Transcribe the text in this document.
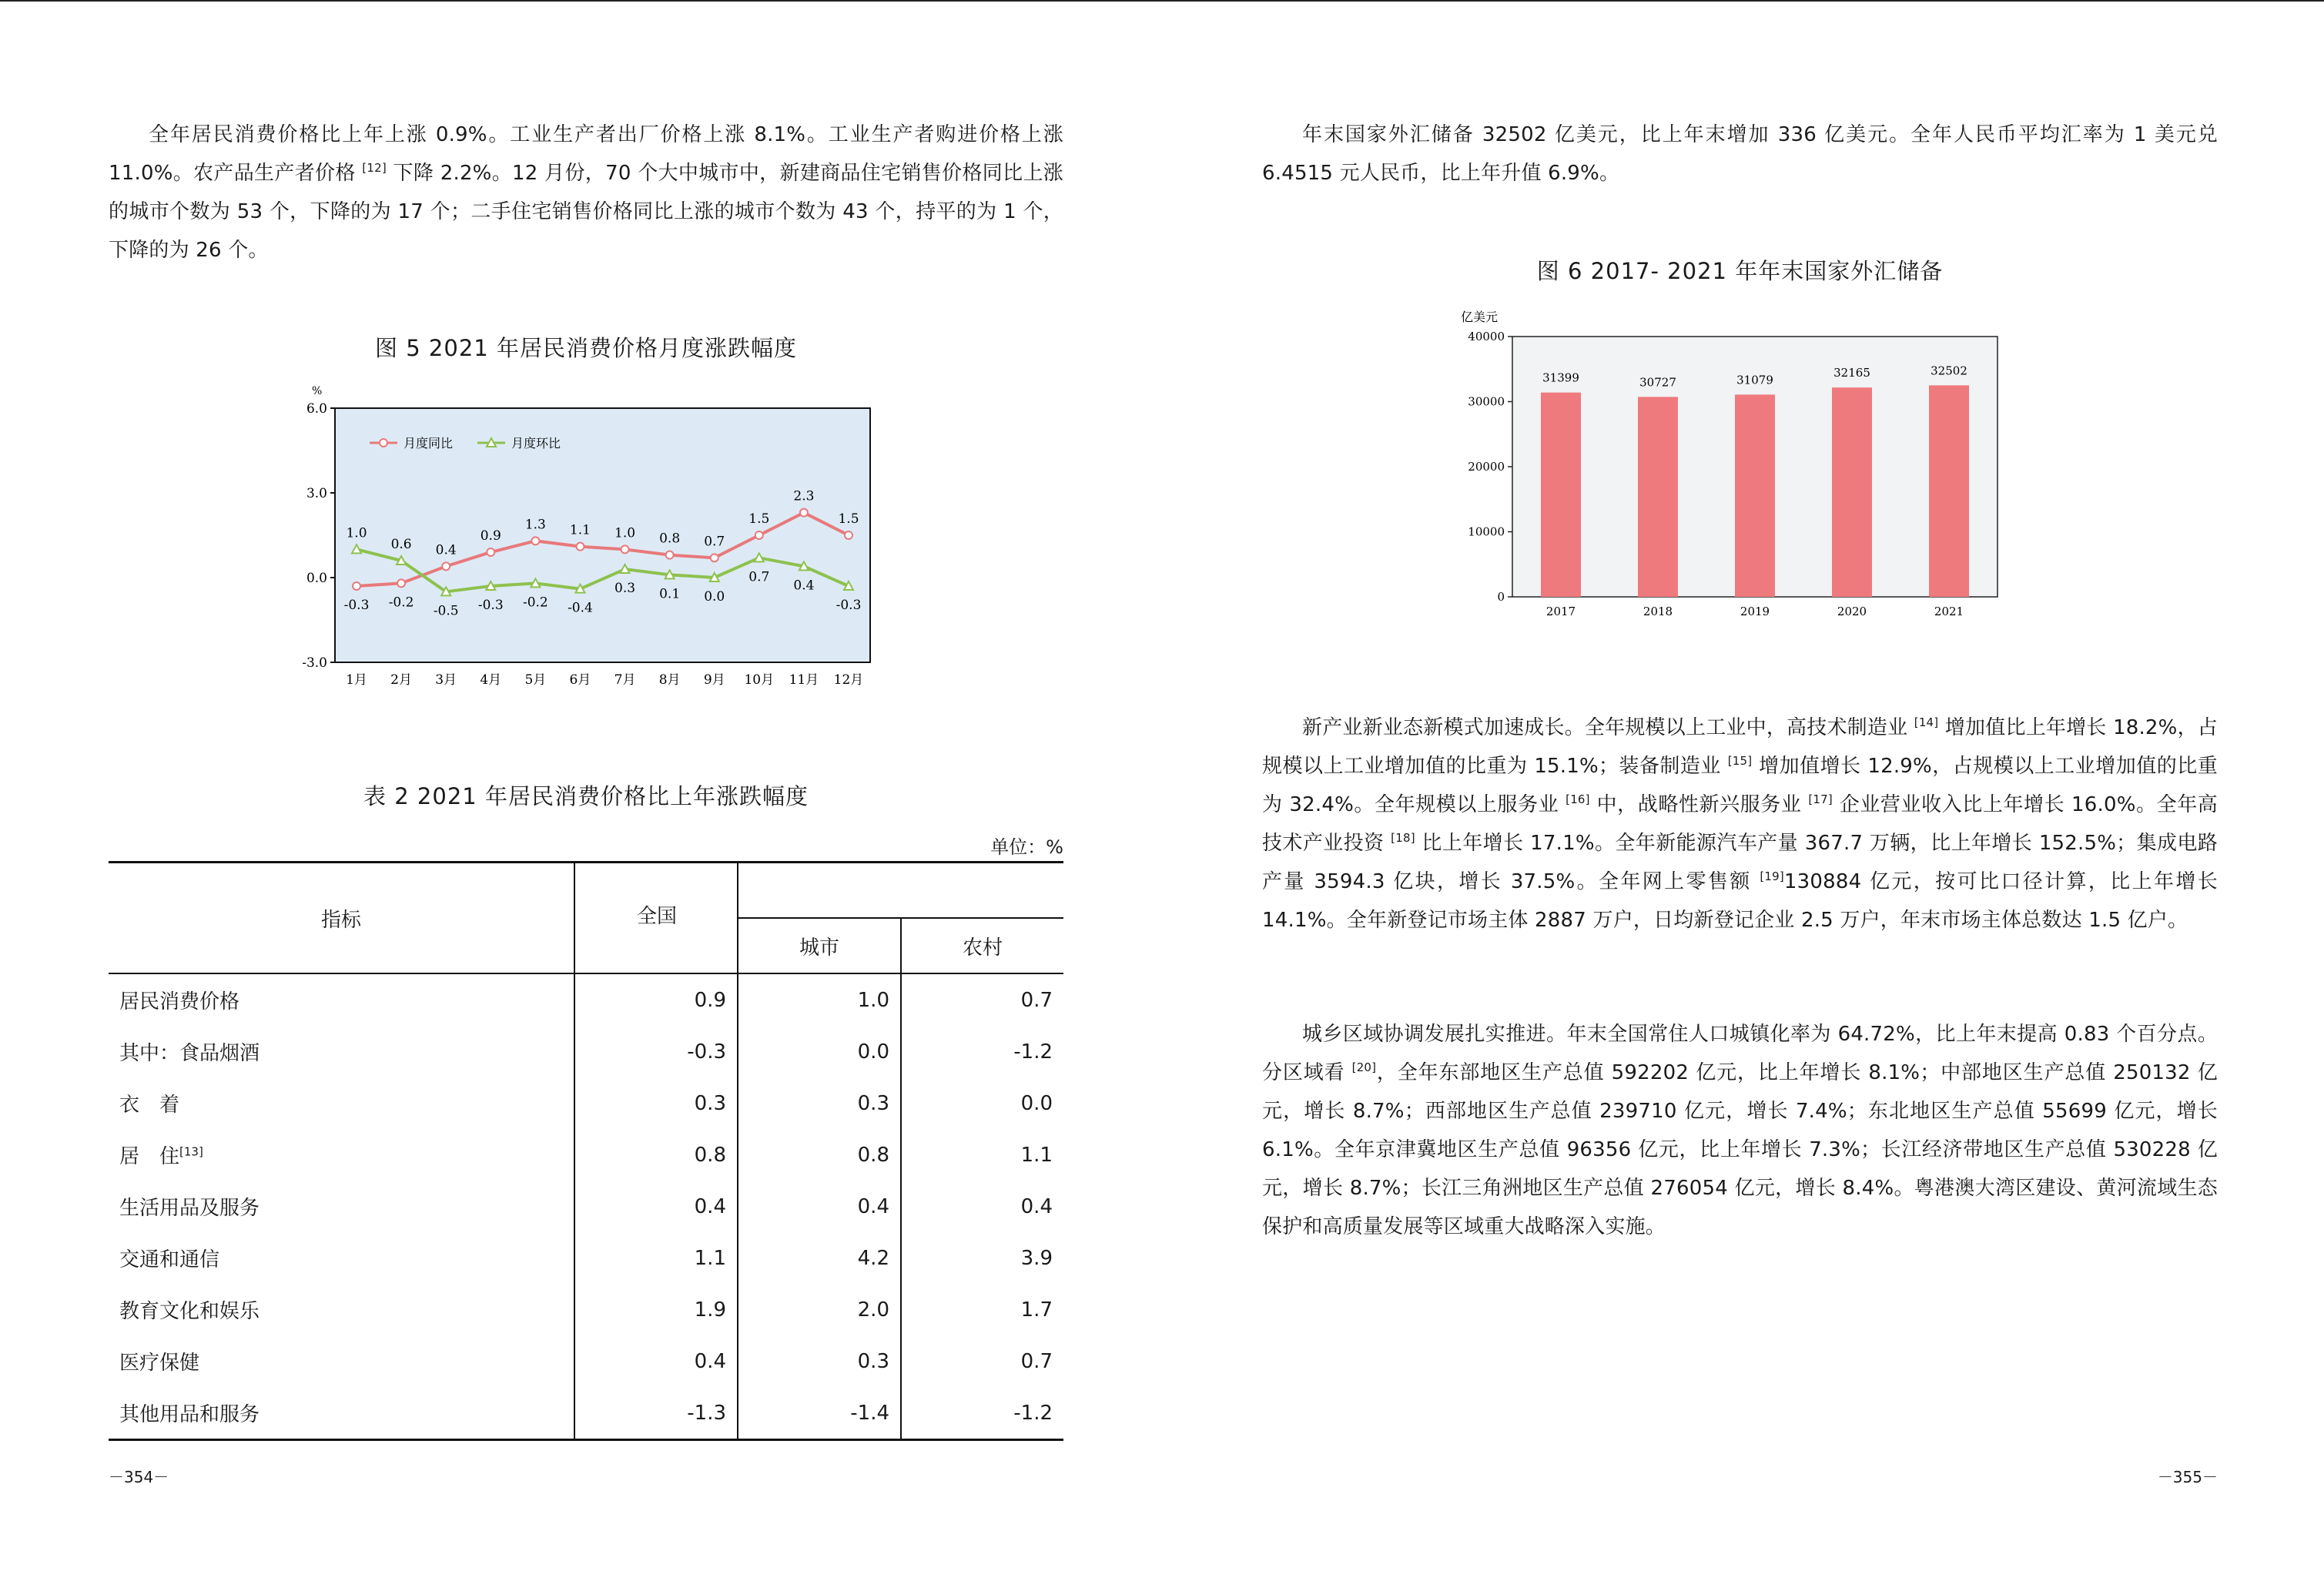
全年居民消费价格比上年上涨 0.9%。工业生产者出厂价格上涨 8.1%。工业生产者购进价格上涨 11.0%。农产品生产者价格 [12] 下降 2.2%。12 月份，70 个大中城市中，新建商品住宅销售价格同比上涨的城市个数为 53 个，下降的为 17 个；二手住宅销售价格同比上涨的城市个数为 43 个，持平的为 1 个，下降的为 26 个。

图 5 2021 年居民消费价格月度涨跌幅度
%
6.0
3.0
0.0
-3.0
1月 2月 3月 4月 5月 6月 7月 8月 9月 10月 11月 12月
月度同比	月度环比
-0.3 -0.2
0.4
0.9
1.3 1.1 1.0 0.8 0.7
1.5
2.3
1.5
1.0
0.6
-0.5 -0.3 -0.2 -0.4
0.3 0.1 0.0
0.7
0.4
-0.3
表 2 2021 年居民消费价格比上年涨跌幅度
单位：%
指标	全国		
		城市	农村
居民消费价格	0.9	1.0	0.7
其中：食品烟酒	-0.3	0.0	-1.2
衣　着	0.3	0.3	0.0
居　住[13]	0.8	0.8	1.1
生活用品及服务	0.4	0.4	0.4
交通和通信	1.1	4.2	3.9
教育文化和娱乐	1.9	2.0	1.7
医疗保健	0.4	0.3	0.7
其他用品和服务	-1.3	-1.4	-1.2
－354－

年末国家外汇储备 32502 亿美元，比上年末增加 336 亿美元。全年人民币平均汇率为 1 美元兑 6.4515 元人民币，比上年升值 6.9%。

图 6 2017- 2021 年年末国家外汇储备
亿美元
40000
30000
20000
10000
0
2017	2018	2019	2020	2021
31399	30727	31079
32165	32502

新产业新业态新模式加速成长。全年规模以上工业中，高技术制造业 [14] 增加值比上年增长 18.2%，占规模以上工业增加值的比重为 15.1%；装备制造业 [15] 增加值增长 12.9%，占规模以上工业增加值的比重为 32.4%。全年规模以上服务业 [16] 中，战略性新兴服务业 [17] 企业营业收入比上年增长 16.0%。全年高技术产业投资 [18] 比上年增长 17.1%。全年新能源汽车产量 367.7 万辆，比上年增长 152.5%；集成电路产量 3594.3 亿块，增长 37.5%。全年网上零售额 [19]130884 亿元，按可比口径计算，比上年增长 14.1%。全年新登记市场主体 2887 万户，日均新登记企业 2.5 万户，年末市场主体总数达 1.5 亿户。

城乡区域协调发展扎实推进。年末全国常住人口城镇化率为 64.72%，比上年末提高 0.83 个百分点。分区域看 [20]，全年东部地区生产总值 592202 亿元，比上年增长 8.1%；中部地区生产总值 250132 亿元，增长 8.7%；西部地区生产总值 239710 亿元，增长 7.4%；东北地区生产总值 55699 亿元，增长 6.1%。全年京津冀地区生产总值 96356 亿元，比上年增长 7.3%；长江经济带地区生产总值 530228 亿元，增长 8.7%；长江三角洲地区生产总值 276054 亿元，增长 8.4%。粤港澳大湾区建设、黄河流域生态保护和高质量发展等区域重大战略深入实施。

－355－
